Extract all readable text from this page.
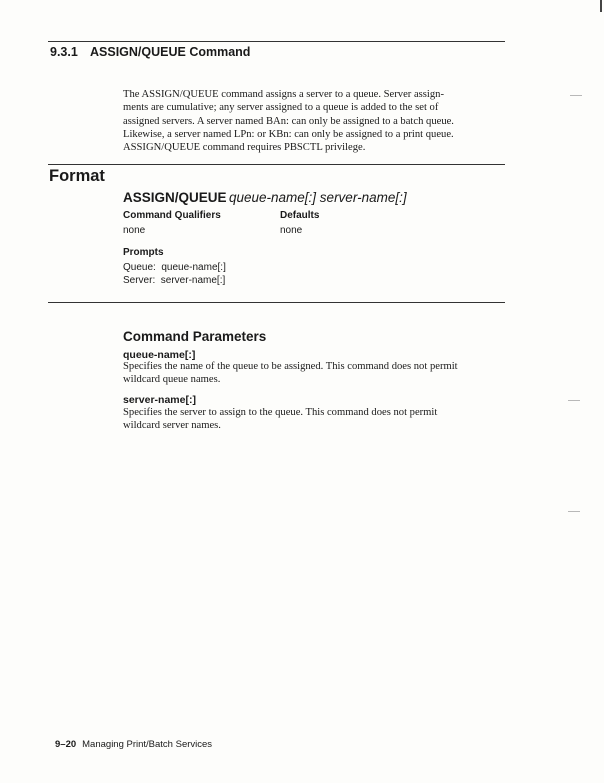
9.3.1 ASSIGN/QUEUE Command
The ASSIGN/QUEUE command assigns a server to a queue. Server assign-
ments are cumulative; any server assigned to a queue is added to the set of
assigned servers. A server named BAn: can only be assigned to a batch queue.
Likewise, a server named LPn: or KBn: can only be assigned to a print queue.
ASSIGN/QUEUE command requires PBSCTL privilege.
Format
ASSIGN/QUEUE queue-name[:] server-name[:]
Command Qualifiers
none
Defaults
none
Prompts
Queue:  queue-name[:]
Server:  server-name[:]
Command Parameters
queue-name[:]
Specifies the name of the queue to be assigned. This command does not permit
wildcard queue names.
server-name[:]
Specifies the server to assign to the queue. This command does not permit
wildcard server names.
9–20 Managing Print/Batch Services
